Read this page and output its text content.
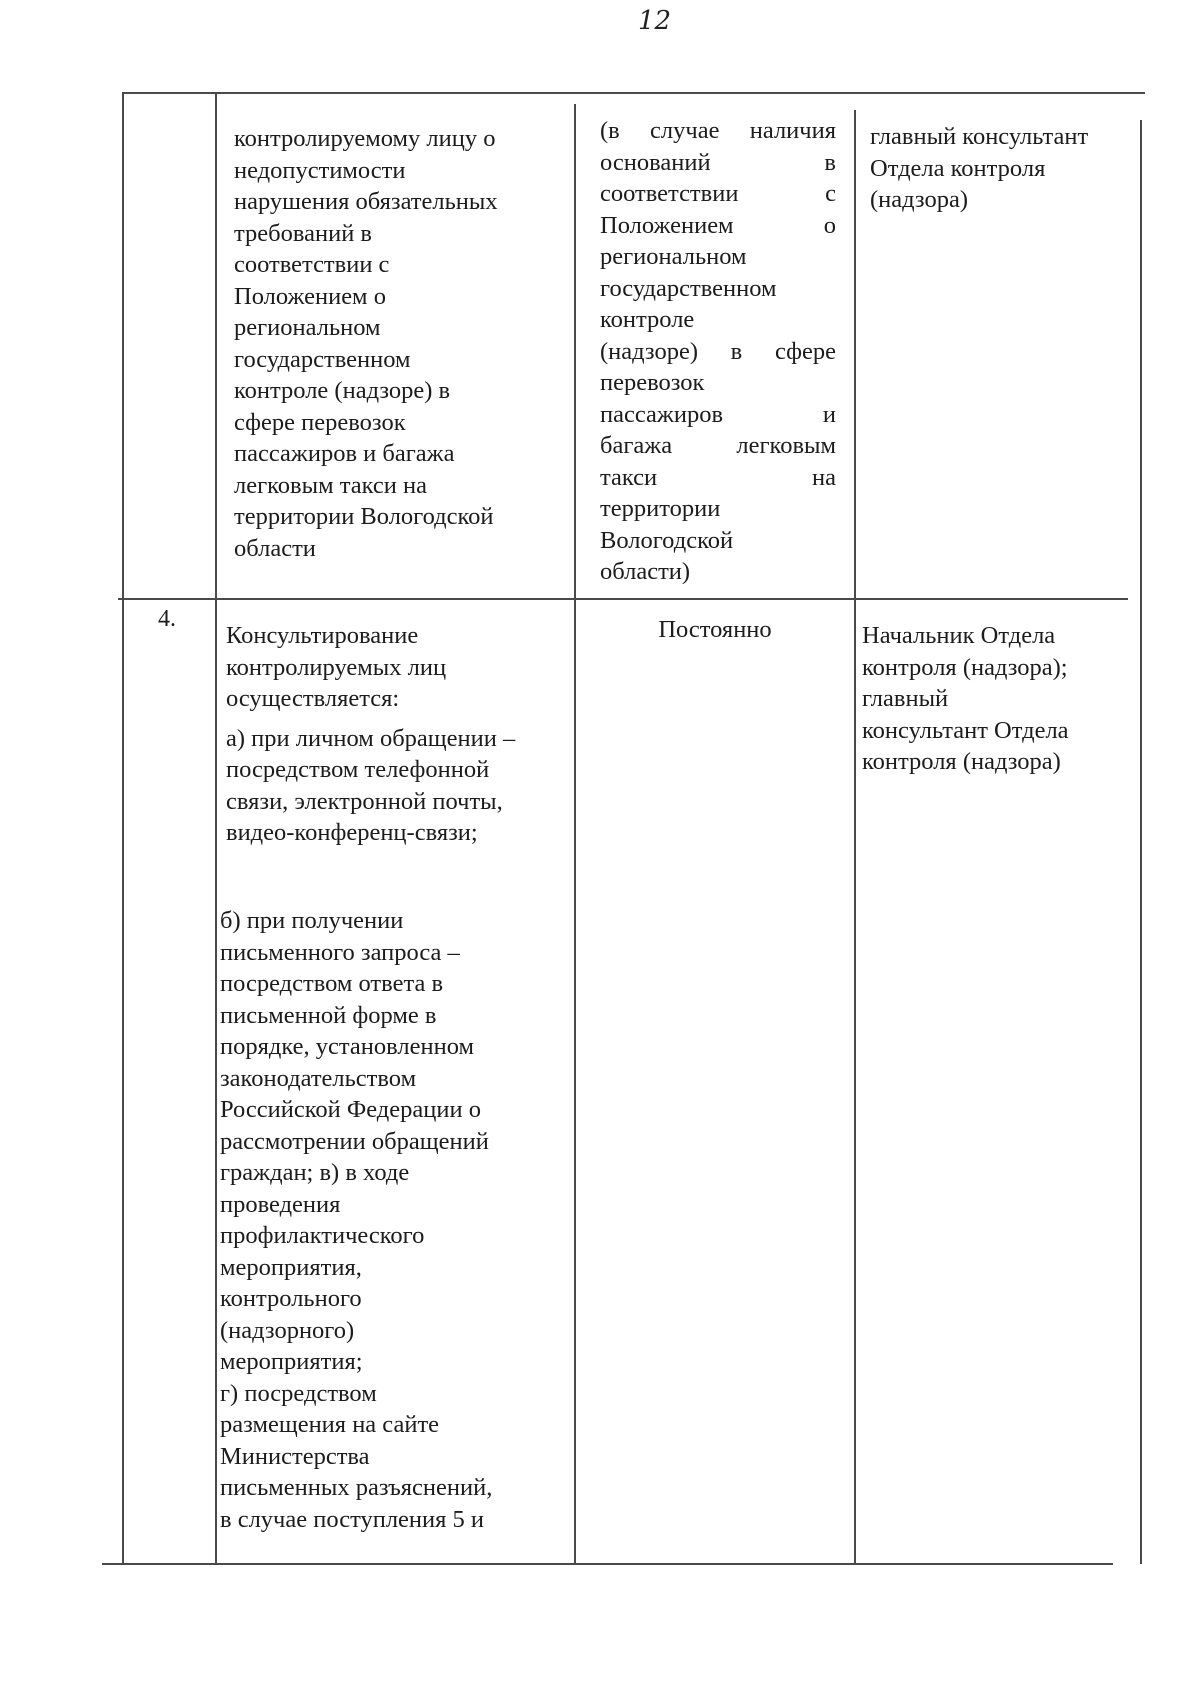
12
контролируемому лицу о
недопустимости
нарушения обязательных
требований в
соответствии с
Положением о
региональном
государственном
контроле (надзоре) в
сфере перевозок
пассажиров и багажа
легковым такси на
территории Вологодской
области
(в случае наличия
оснований в
соответствии с
Положением о
региональном
государственном
контроле
(надзоре) в сфере
перевозок
пассажиров и
багажа легковым
такси на
территории
Вологодской
области)
главный консультант Отдела контроля (надзора)
4.
Консультирование контролируемых лиц осуществляется:
а) при личном обращении – посредством телефонной связи, электронной почты, видео-конференц-связи;
б) при получении
письменного запроса –
посредством ответа в
письменной форме в
порядке, установленном
законодательством
Российской Федерации о
рассмотрении обращений
граждан; в) в ходе
проведения
профилактического
мероприятия,
контрольного
(надзорного)
мероприятия;
г) посредством
размещения на сайте
Министерства
письменных разъяснений,
в случае поступления 5 и
Постоянно	Начальник Отдела
контроля (надзора);
главный
консультант Отдела
контроля (надзора)
